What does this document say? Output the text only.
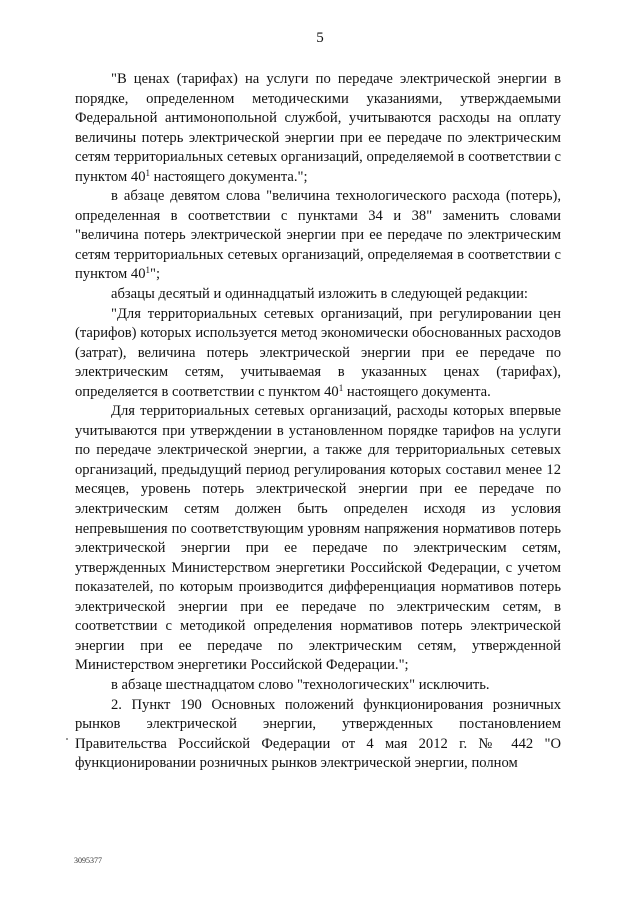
5

"В ценах (тарифах) на услуги по передаче электрической энергии в порядке, определенном методическими указаниями, утверждаемыми Федеральной антимонопольной службой, учитываются расходы на оплату величины потерь электрической энергии при ее передаче по электрическим сетям территориальных сетевых организаций, определяемой в соответствии с пунктом $40^1$ настоящего документа.";

в абзаце девятом слова "величина технологического расхода (потерь), определенная в соответствии с пунктами 34 и 38" заменить словами "величина потерь электрической энергии при ее передаче по электрическим сетям территориальных сетевых организаций, определяемая в соответствии с пунктом $40^1$";

абзацы десятый и одиннадцатый изложить в следующей редакции:

"Для территориальных сетевых организаций, при регулировании цен (тарифов) которых используется метод экономически обоснованных расходов (затрат), величина потерь электрической энергии при ее передаче по электрическим сетям, учитываемая в указанных ценах (тарифах), определяется в соответствии с пунктом $40^1$ настоящего документа.

Для территориальных сетевых организаций, расходы которых впервые учитываются при утверждении в установленном порядке тарифов на услуги по передаче электрической энергии, а также для территориальных сетевых организаций, предыдущий период регулирования которых составил менее 12 месяцев, уровень потерь электрической энергии при ее передаче по электрическим сетям должен быть определен исходя из условия непревышения по соответствующим уровням напряжения нормативов потерь электрической энергии при ее передаче по электрическим сетям, утвержденных Министерством энергетики Российской Федерации, с учетом показателей, по которым производится дифференциация нормативов потерь электрической энергии при ее передаче по электрическим сетям, в соответствии с методикой определения нормативов потерь электрической энергии при ее передаче по электрическим сетям, утвержденной Министерством энергетики Российской Федерации.";

в абзаце шестнадцатом слово "технологических" исключить.

2. Пункт 190 Основных положений функционирования розничных рынков электрической энергии, утвержденных постановлением Правительства Российской Федерации от 4 мая 2012 г. № 442 "О функционировании розничных рынков электрической энергии, полном

3095377
